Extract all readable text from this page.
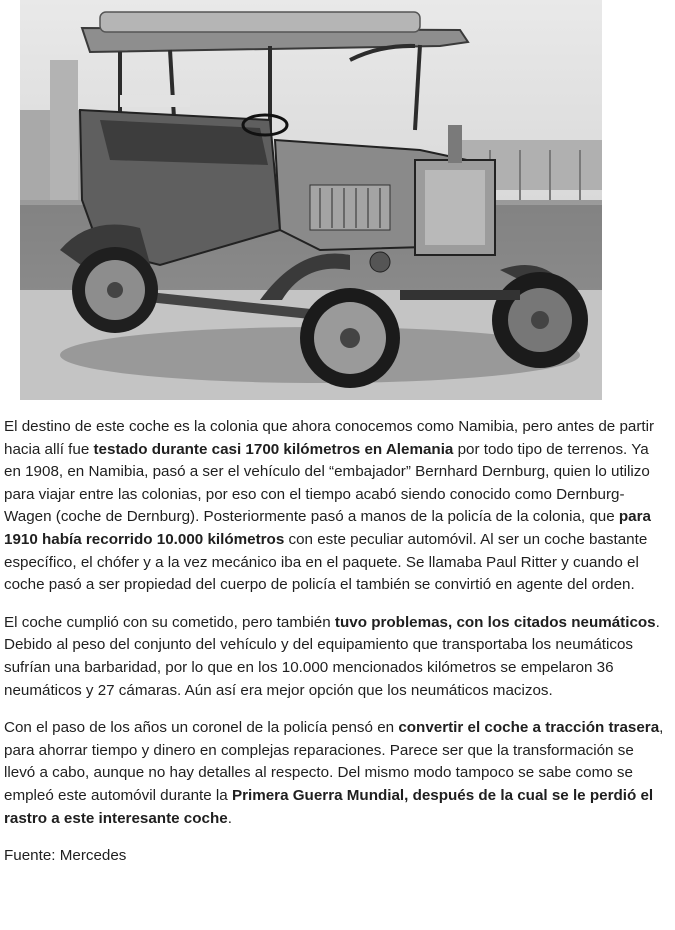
El destino de este coche es la colonia que ahora conocemos como Namibia, pero antes de partir hacia allí fue testado durante casi 1700 kilómetros en Alemania por todo tipo de terrenos. Ya en 1908, en Namibia, pasó a ser el vehículo del “embajador” Bernhard Dernburg, quien lo utilizo para viajar entre las colonias, por eso con el tiempo acabó siendo conocido como Dernburg-Wagen (coche de Dernburg). Posteriormente pasó a manos de la policía de la colonia, que para 1910 había recorrido 10.000 kilómetros con este peculiar automóvil. Al ser un coche bastante específico, el chófer y a la vez mecánico iba en el paquete. Se llamaba Paul Ritter y cuando el coche pasó a ser propiedad del cuerpo de policía el también se convirtió en agente del orden.

El coche cumplió con su cometido, pero también tuvo problemas, con los citados neumáticos. Debido al peso del conjunto del vehículo y del equipamiento que transportaba los neumáticos sufrían una barbaridad, por lo que en los 10.000 mencionados kilómetros se empelaron 36 neumáticos y 27 cámaras. Aún así era mejor opción que los neumáticos macizos.

Con el paso de los años un coronel de la policía pensó en convertir el coche a tracción trasera, para ahorrar tiempo y dinero en complejas reparaciones. Parece ser que la transformación se llevó a cabo, aunque no hay detalles al respecto. Del mismo modo tampoco se sabe como se empleó este automóvil durante la Primera Guerra Mundial, después de la cual se le perdió el rastro a este interesante coche.

Fuente: Mercedes
